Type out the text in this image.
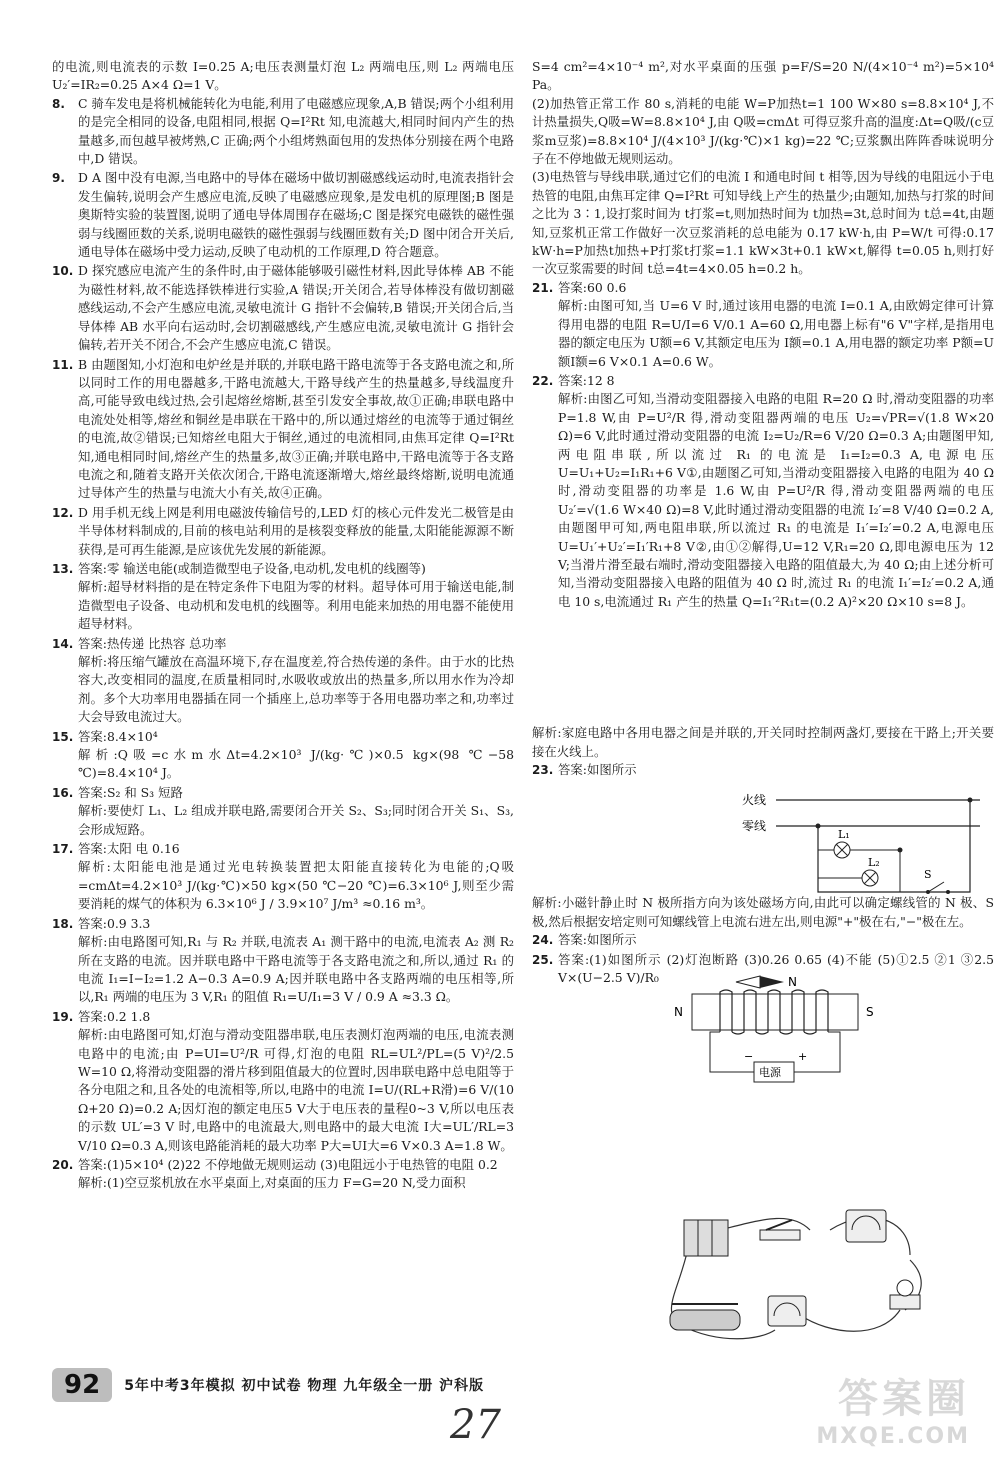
的电流,则电流表的示数 I=0.25 A;电压表测量灯泡 L₂ 两端电压,则 L₂ 两端电压 U₂′=IR₂=0.25 A×4 Ω=1 V。

8.	C 骑车发电是将机械能转化为电能,利用了电磁感应现象,A,B 错误;两个小组利用的是完全相同的设备,电阻相同,根据 Q=I²Rt 知,电流越大,相同时间内产生的热量越多,而包越早被烤熟,C 正确;两个小组烤熟面包用的发热体分别接在两个电路中,D 错误。
9.	D A 图中没有电源,当电路中的导体在磁场中做切割磁感线运动时,电流表指针会发生偏转,说明会产生感应电流,反映了电磁感应现象,是发电机的原理图;B 图是奥斯特实验的装置图,说明了通电导体周围存在磁场;C 图是探究电磁铁的磁性强弱与线圈匝数的关系,说明电磁铁的磁性强弱与线圈匝数有关;D 图中闭合开关后,通电导体在磁场中受力运动,反映了电动机的工作原理,D 符合题意。
10. D 探究感应电流产生的条件时,由于磁体能够吸引磁性材料,因此导体棒 AB 不能为磁性材料,故不能选择铁棒进行实验,A 错误;开关闭合,若导体棒没有做切割磁感线运动,不会产生感应电流,灵敏电流计 G 指针不会偏转,B 错误;开关闭合后,当导体棒 AB 水平向右运动时,会切割磁感线,产生感应电流,灵敏电流计 G 指针会偏转,若开关不闭合,不会产生感应电流,C 错误。
11. B 由题图知,小灯泡和电炉丝是并联的,并联电路干路电流等于各支路电流之和,所以同时工作的用电器越多,干路电流越大,干路导线产生的热量越多,导线温度升高,可能导致电线过热,会引起熔丝熔断,甚至引发安全事故,故①正确;串联电路中电流处处相等,熔丝和铜丝是串联在干路中的,所以通过熔丝的电流等于通过铜丝的电流,故②错误;已知熔丝电阻大于铜丝,通过的电流相同,由焦耳定律 Q=I²Rt 知,通电相同时间,熔丝产生的热量多,故③正确;并联电路中,干路电流等于各支路电流之和,随着支路开关依次闭合,干路电流逐渐增大,熔丝最终熔断,说明电流通过导体产生的热量与电流大小有关,故④正确。
12. D 用手机无线上网是利用电磁波传输信号的,LED 灯的核心元件发光二极管是由半导体材料制成的,目前的核电站利用的是核裂变释放的能量,太阳能能源源不断获得,是可再生能源,是应该优先发展的新能源。
13. 答案:零 输送电能(或制造微型电子设备,电动机,发电机的线圈等)
解析:超导材料指的是在特定条件下电阻为零的材料。超导体可用于输送电能,制造微型电子设备、电动机和发电机的线圈等。利用电能来加热的用电器不能使用超导材料。
14. 答案:热传递 比热容 总功率
解析:将压缩气罐放在高温环境下,存在温度差,符合热传递的条件。由于水的比热容大,改变相同的温度,在质量相同时,水吸收或放出的热量多,所以用水作为冷却剂。多个大功率用电器插在同一个插座上,总功率等于各用电器功率之和,功率过大会导致电流过大。
15. 答案:8.4×10⁴
解析:Q吸=c水m水Δt=4.2×10³ J/(kg·℃)×0.5 kg×(98 ℃−58 ℃)=8.4×10⁴ J。
16. 答案:S₂ 和 S₃ 短路
解析:要使灯 L₁、L₂ 组成并联电路,需要闭合开关 S₂、S₃;同时闭合开关 S₁、S₃,会形成短路。
17. 答案:太阳 电 0.16
解析:太阳能电池是通过光电转换装置把太阳能直接转化为电能的;Q吸=cmΔt=4.2×10³ J/(kg·℃)×50 kg×(50 ℃−20 ℃)=6.3×10⁶ J,则至少需要消耗的煤气的体积为 6.3×10⁶ J / 3.9×10⁷ J/m³ ≈0.16 m³。
18. 答案:0.9 3.3
解析:由电路图可知,R₁ 与 R₂ 并联,电流表 A₁ 测干路中的电流,电流表 A₂ 测 R₂ 所在支路的电流。因并联电路中干路电流等于各支路电流之和,所以,通过 R₁ 的电流 I₁=I−I₂=1.2 A−0.3 A=0.9 A;因并联电路中各支路两端的电压相等,所以,R₁ 两端的电压为 3 V,R₁ 的阻值 R₁=U/I₁=3 V / 0.9 A ≈3.3 Ω。
19. 答案:0.2 1.8
解析:由电路图可知,灯泡与滑动变阻器串联,电压表测灯泡两端的电压,电流表测电路中的电流;由 P=UI=U²/R 可得,灯泡的电阻 RL=UL²/PL=(5 V)²/2.5 W=10 Ω,将滑动变阻器的滑片移到阻值最大的位置时,因串联电路中总电阻等于各分电阻之和,且各处的电流相等,所以,电路中的电流 I=U/(RL+R滑)=6 V/(10 Ω+20 Ω)=0.2 A;因灯泡的额定电压5 V大于电压表的量程0~3 V,所以电压表的示数 UL′=3 V 时,电路中的电流最大,则电路中的最大电流 I大=UL′/RL=3 V/10 Ω=0.3 A,则该电路能消耗的最大功率 P大=UI大=6 V×0.3 A=1.8 W。
20. 答案:(1)5×10⁴ (2)22 不停地做无规则运动 (3)电阻远小于电热管的电阻 0.2
解析:(1)空豆浆机放在水平桌面上,对桌面的压力 F=G=20 N,受力面积

S=4 cm²=4×10⁻⁴ m²,对水平桌面的压强 p=F/S=20 N/(4×10⁻⁴ m²)=5×10⁴ Pa。
(2)加热管正常工作 80 s,消耗的电能 W=P加热t=1 100 W×80 s=8.8×10⁴ J,不计热量损失,Q吸=W=8.8×10⁴ J,由 Q吸=cmΔt 可得豆浆升高的温度:Δt=Q吸/(c豆浆m豆浆)=8.8×10⁴ J/(4×10³ J/(kg·℃)×1 kg)=22 ℃;豆浆飘出阵阵香味说明分子在不停地做无规则运动。
(3)电热管与导线串联,通过它们的电流 I 和通电时间 t 相等,因为导线的电阻远小于电热管的电阻,由焦耳定律 Q=I²Rt 可知导线上产生的热量少;由题知,加热与打浆的时间之比为 3∶1,设打浆时间为 t打浆=t,则加热时间为 t加热=3t,总时间为 t总=4t,由题知,豆浆机正常工作做好一次豆浆消耗的总电能为 0.17 kW·h,由 P=W/t 可得:0.17 kW·h=P加热t加热+P打浆t打浆=1.1 kW×3t+0.1 kW×t,解得 t=0.05 h,则打好一次豆浆需要的时间 t总=4t=4×0.05 h=0.2 h。

21. 答案:60 0.6
解析:由图可知,当 U=6 V 时,通过该用电器的电流 I=0.1 A,由欧姆定律可计算得用电器的电阻 R=U/I=6 V/0.1 A=60 Ω,用电器上标有"6 V"字样,是指用电器的额定电压为 U额=6 V,其额定电压为 I额=0.1 A,用电器的额定功率 P额=U额I额=6 V×0.1 A=0.6 W。
22. 答案:12 8
解析:由图乙可知,当滑动变阻器接入电路的电阻 R=20 Ω 时,滑动变阻器的功率 P=1.8 W,由 P=U²/R 得,滑动变阻器两端的电压 U₂=√PR=√(1.8 W×20 Ω)=6 V,此时通过滑动变阻器的电流 I₂=U₂/R=6 V/20 Ω=0.3 A;由题图甲知,两电阻串联,所以流过 R₁ 的电流是 I₁=I₂=0.3 A,电源电压 U=U₁+U₂=I₁R₁+6 V①,由题图乙可知,当滑动变阻器接入电路的电阻为 40 Ω 时,滑动变阻器的功率是 1.6 W,由 P=U²/R 得,滑动变阻器两端的电压 U₂′=√(1.6 W×40 Ω)=8 V,此时通过滑动变阻器的电流 I₂′=8 V/40 Ω=0.2 A,由题图甲可知,两电阻串联,所以流过 R₁ 的电流是 I₁′=I₂′=0.2 A,电源电压 U=U₁′+U₂′=I₁′R₁+8 V②,由①②解得,U=12 V,R₁=20 Ω,即电源电压为 12 V;当滑片滑至最右端时,滑动变阻器接入电路的阻值最大,为 40 Ω;由上述分析可知,当滑动变阻器接入电路的阻值为 40 Ω 时,流过 R₁ 的电流 I₁′=I₂′=0.2 A,通电 10 s,电流通过 R₁ 产生的热量 Q=I₁′²R₁t=(0.2 A)²×20 Ω×10 s=8 J。

解析:家庭电路中各用电器之间是并联的,开关同时控制两盏灯,要接在干路上;开关要接在火线上。

23. 答案:如图所示

解析:小磁针静止时 N 极所指方向为该处磁场方向,由此可以确定螺线管的 N 极、S 极,然后根据安培定则可知螺线管上电流右进左出,则电源"+"极在右,"−"极在左。

24. 答案:如图所示
25. 答案:(1)如图所示 (2)灯泡断路 (3)0.26 0.65 (4)不能 (5)①2.5 ②1 ③2.5 V×(U−2.5 V)/R₀
火线
零线
L₁
L₂
S
N
N	S
电源
−	+
92	5年中考3年模拟 初中试卷 物理 九年级全一册 沪科版
27
答案圈
MXQE.COM
